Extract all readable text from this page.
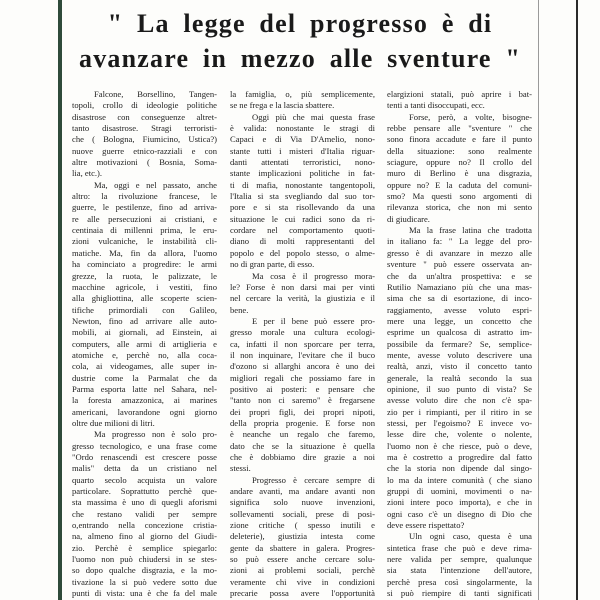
" La legge del progresso è di
avanzare in mezzo alle sventure "
Falcone, Borsellino, Tangen-
topoli, crollo di ideologie politiche
disastrose con conseguenze altret-
tanto disastrose. Stragi terroristi-
che ( Bologna, Fiumicino, Ustica?)
nuove guerre etnico-razziali e con
altre motivazioni ( Bosnia, Soma-
lia, etc.).
Ma, oggi e nel passato, anche
altro: la rivoluzione francese, le
guerre, le pestilenze, fino ad arriva-
re alle persecuzioni ai cristiani, e
centinaia di millenni prima, le eru-
zioni vulcaniche, le instabilità cli-
matiche. Ma, fin da allora, l'uomo
ha cominciato a progredire: le armi
grezze, la ruota, le palizzate, le
macchine agricole, i vestiti, fino
alla ghigliottina, alle scoperte scien-
tifiche primordiali con Galileo,
Newton, fino ad arrivare alle auto-
mobili, ai giornali, ad Einstein, ai
computers, alle armi di artiglieria e
atomiche e, perchè no, alla coca-
cola, ai videogames, alle super in-
dustrie come la Parmalat che da
Parma esporta latte nel Sahara, nel-
la foresta amazzonica, ai marines
americani, lavorandone ogni giorno
oltre due milioni di litri.
Ma progresso non è solo pro-
gresso tecnologico, e una frase come
"Ordo renascendi est crescere posse
malis" detta da un cristiano nel
quarto secolo acquista un valore
particolare. Soprattutto perchè que-
sta massima è uno di quegli aforismi
che restano validi per sempre
o,entrando nella concezione cristia-
na, almeno fino al giorno del Giudi-
zio. Perchè è semplice spiegarlo:
l'uomo non può chiudersi in se stes-
so dopo qualche disgrazia, e la mo-
tivazione la si può vedere sotto due
punti di vista: una è che fa del male
la famiglia, o, più semplicemente,
se ne frega e la lascia sbattere.
Oggi più che mai questa frase
è valida: nonostante le stragi di
Capaci e di Via D'Amelio, nono-
stante tutti i misteri d'Italia riguar-
danti attentati terroristici, nono-
stante implicazioni politiche in fat-
ti di mafia, nonostante tangentopoli,
l'Italia si sta svegliando dal suo tor-
pore e si sta risollevando da una
situazione le cui radici sono da ri-
cordare nel comportamento quoti-
diano di molti rappresentanti del
popolo e del popolo stesso, o alme-
no di gran parte, di esso.
Ma cosa è il progresso mora-
le? Forse è non darsi mai per vinti
nel cercare la verità, la giustizia e il
bene.
E per il bene può essere pro-
gresso morale una cultura ecologi-
ca, infatti il non sporcare per terra,
il non inquinare, l'evitare che il buco
d'ozono si allarghi ancora è uno dei
migliori regali che possiamo fare in
positivo ai posteri: e pensare che
"tanto non ci saremo" è fregarsene
dei propri figli, dei propri nipoti,
della propria progenie. E forse non
è neanche un regalo che faremo,
dato che se la situazione è quella
che è dobbiamo dire grazie a noi
stessi.
Progresso è cercare sempre di
andare avanti, ma andare avanti non
significa solo nuove invenzioni,
sollevamenti sociali, prese di posi-
zione critiche ( spesso inutili e
deleterie), giustizia intesta come
gente da sbattere in galera. Progres-
so può essere anche cercare solu-
zioni ai problemi sociali, perchè
veramente chi vive in condizioni
precarie possa avere l'opportunità
elargizioni statali, può aprire i bat-
tenti a tanti disoccupati, ecc.
Forse, però, a volte, bisogne-
rebbe pensare alle "sventure " che
sono finora accadute e fare il punto
della situazione: sono realmente
sciagure, oppure no? Il crollo del
muro di Berlino è una disgrazia,
oppure no? E la caduta del comuni-
smo? Ma questi sono argomenti di
rilevanza storica, che non mi sento
di giudicare.
Ma la frase latina che tradotta
in italiano fa: " La legge del pro-
gresso è di avanzare in mezzo alle
sventure " può essere osservata an-
che da un'altra prospettiva: e se
Rutilio Namaziano più che una mas-
sima che sa di esortazione, di inco-
raggiamento, avesse voluto espri-
mere una legge, un concetto che
esprime un qualcosa di astratto im-
possibile da fermare? Se, semplice-
mente, avesse voluto descrivere una
realtà, anzi, visto il concetto tanto
generale, la realtà secondo la sua
opinione, il suo punto di vista? Se
avesse voluto dire che non c'è spa-
zio per i rimpianti, per il ritiro in se
stessi, per l'egoismo? E invece vo-
lesse dire che, volente o nolente,
l'uomo non è che riesce, può o deve,
ma è costretto a progredire dal fatto
che la storia non dipende dal singo-
lo ma da intere comunità ( che siano
gruppi di uomini, movimenti o na-
zioni intere poco importa), e che in
ogni caso c'è un disegno di Dio che
deve essere rispettato?
Uln ogni caso, questa è una
sintetica frase che può e deve rima-
nere valida per sempre, qualunque
sia stata l'intenzione dell'autore,
perchè presa così singolarmente, la
si può riempire di tanti significati
